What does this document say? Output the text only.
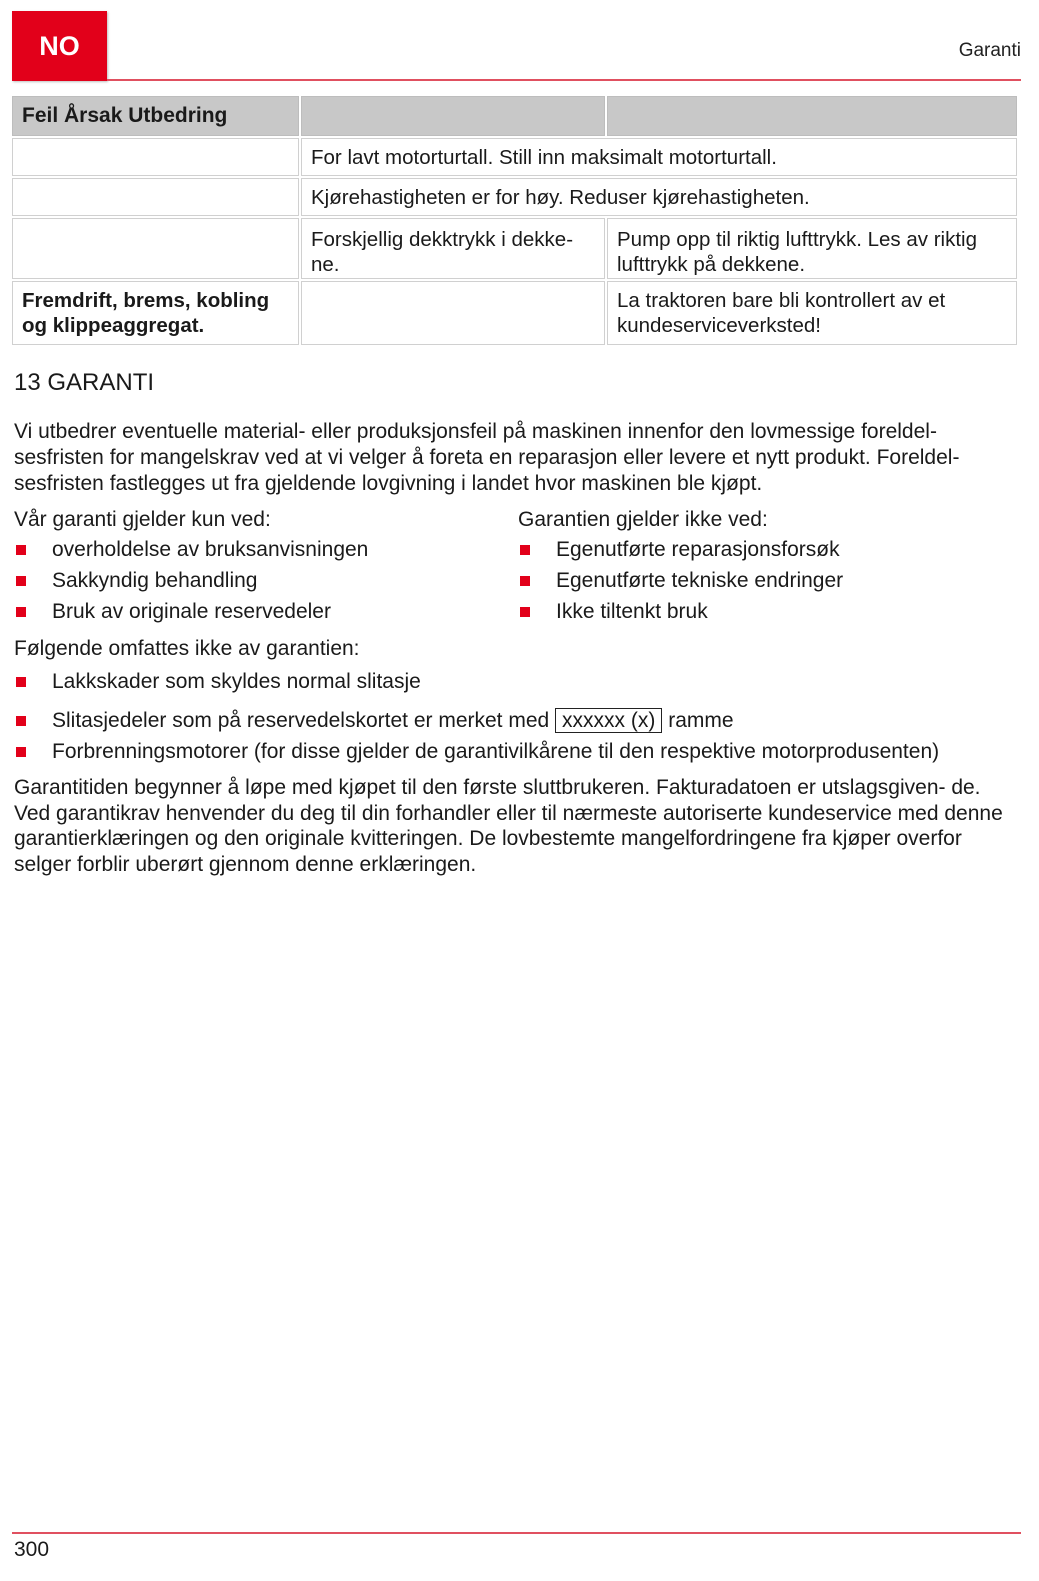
NO	Garanti
Feil Årsak Utbedring
For lavt motorturtall. Still inn maksimalt motorturtall.
Kjørehastigheten er for høy. Reduser kjørehastigheten.
Forskjellig dekktrykk i dekke- ne.
Pump opp til riktig lufttrykk. Les av riktig lufttrykk på dekkene.
Fremdrift, brems, kobling og klippeaggregat.
La traktoren bare bli kontrollert av et kundeserviceverksted!
13 GARANTI

Vi utbedrer eventuelle material- eller produksjonsfeil på maskinen innenfor den lovmessige foreldel- sesfristen for mangelskrav ved at vi velger å foreta en reparasjon eller levere et nytt produkt. Foreldel- sesfristen fastlegges ut fra gjeldende lovgivning i landet hvor maskinen ble kjøpt.

Vår garanti gjelder kun ved:
overholdelse av bruksanvisningen
Sakkyndig behandling
Bruk av originale reservedeler
Garantien gjelder ikke ved:
Egenutførte reparasjonsforsøk
Egenutførte tekniske endringer
Ikke tiltenkt bruk
Følgende omfattes ikke av garantien:
Lakkskader som skyldes normal slitasje
Slitasjedeler som på reservedelskortet er merket med xxxxxx (x) ramme
Forbrenningsmotorer (for disse gjelder de garantivilkårene til den respektive motorprodusenten)

Garantitiden begynner å løpe med kjøpet til den første sluttbrukeren. Fakturadatoen er utslagsgiven- de. Ved garantikrav henvender du deg til din forhandler eller til nærmeste autoriserte kundeservice med denne garantierklæringen og den originale kvitteringen. De lovbestemte mangelfordringene fra kjøper overfor selger forblir uberørt gjennom denne erklæringen.

300
